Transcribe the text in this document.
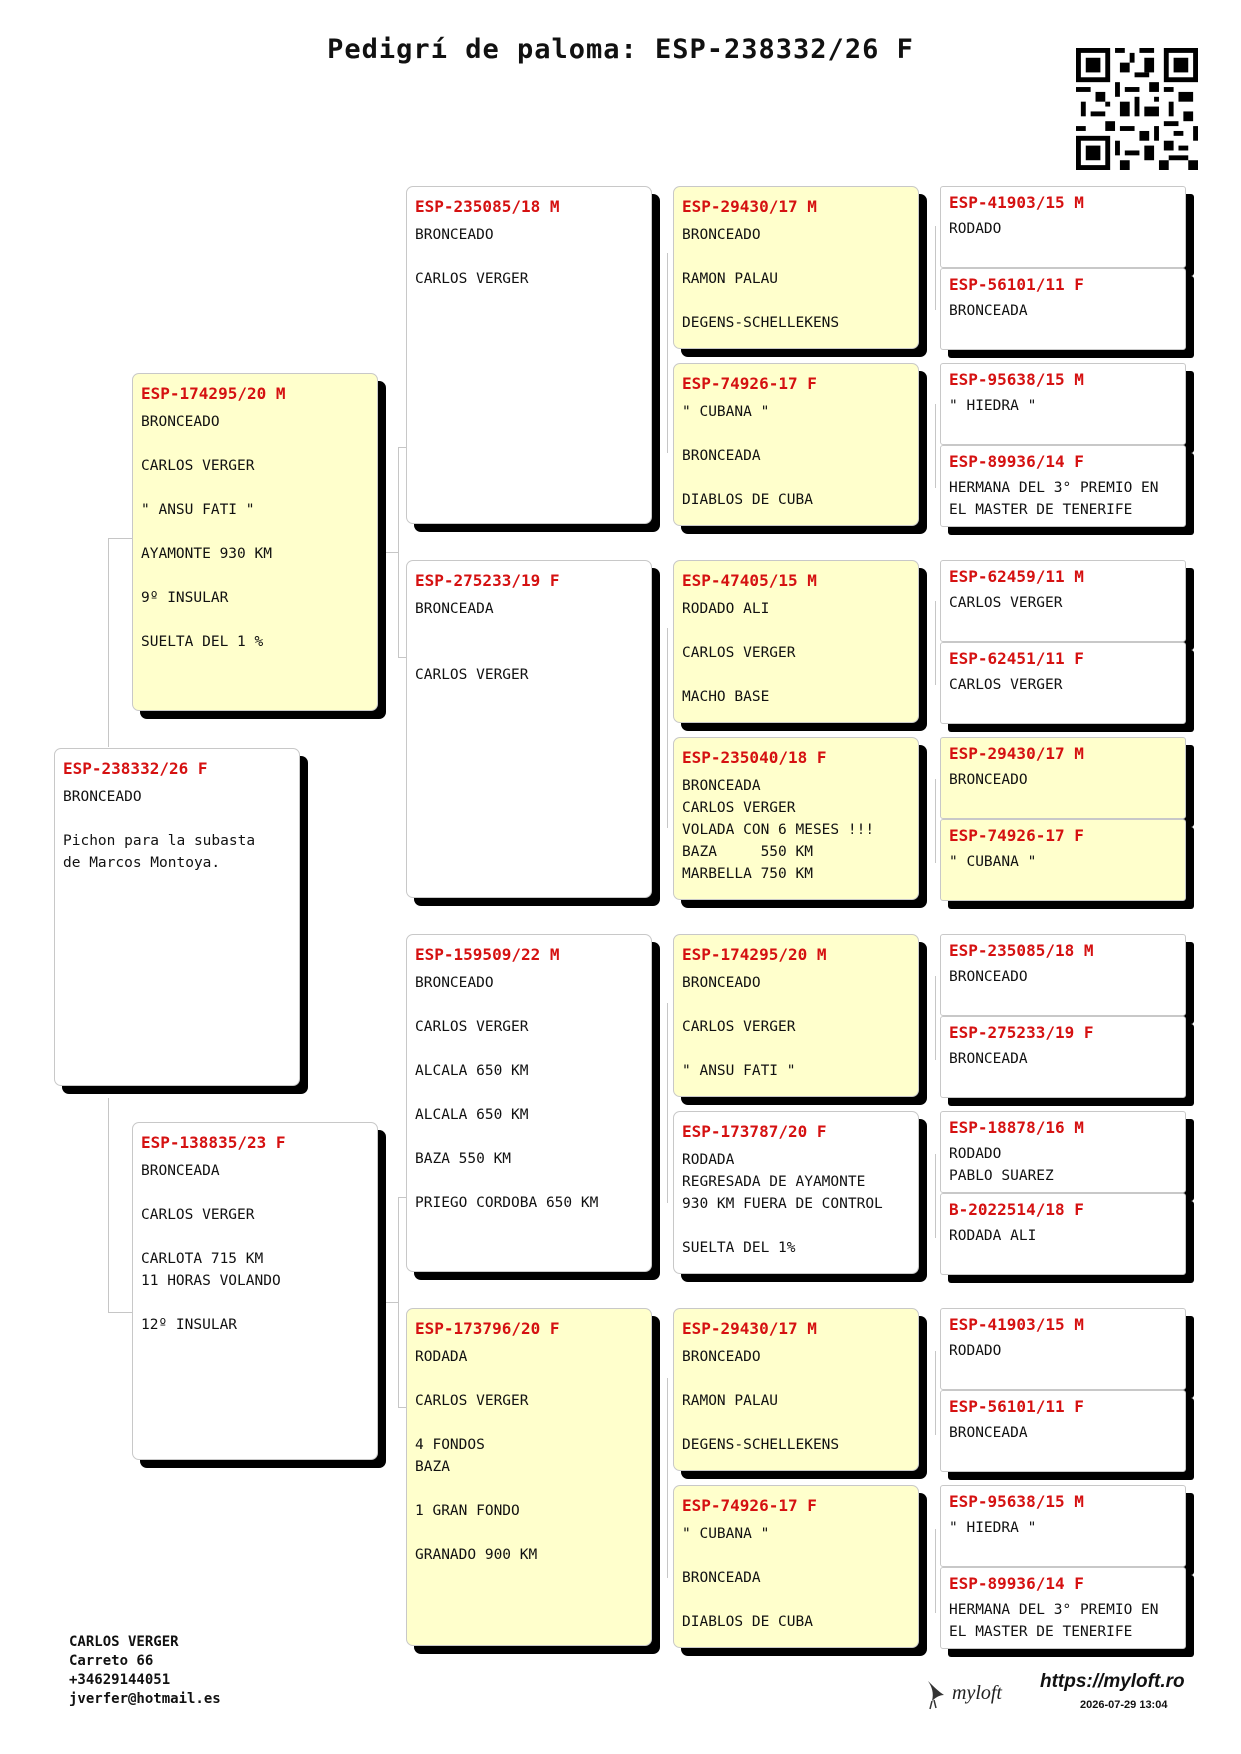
Pedigrí de paloma: ESP-238332/26 F
ESP-238332/26 F
BRONCEADO
Pichon para la subasta
de Marcos Montoya.
ESP-174295/20 M
BRONCEADO
CARLOS VERGER
" ANSU FATI "
AYAMONTE 930 KM
9º INSULAR
SUELTA DEL 1 %
ESP-138835/23 F
BRONCEADA
CARLOS VERGER
CARLOTA 715 KM
11 HORAS VOLANDO
12º INSULAR
ESP-235085/18 M
BRONCEADO
CARLOS VERGER
ESP-275233/19 F
BRONCEADA
CARLOS VERGER
ESP-159509/22 M
BRONCEADO
CARLOS VERGER
ALCALA 650 KM
ALCALA 650 KM
BAZA 550 KM
PRIEGO CORDOBA 650 KM
ESP-173796/20 F
RODADA
CARLOS VERGER
4 FONDOS
BAZA
1 GRAN FONDO
GRANADO 900 KM
ESP-29430/17 M
BRONCEADO
RAMON PALAU
DEGENS-SCHELLEKENS
ESP-74926-17 F
" CUBANA "
BRONCEADA
DIABLOS DE CUBA
ESP-47405/15 M
RODADO ALI
CARLOS VERGER
MACHO BASE
ESP-235040/18 F
BRONCEADA
CARLOS VERGER
VOLADA CON 6 MESES !!!
BAZA     550 KM
MARBELLA 750 KM
ESP-174295/20 M
BRONCEADO
CARLOS VERGER
" ANSU FATI "
ESP-173787/20 F
RODADA
REGRESADA DE AYAMONTE
930 KM FUERA DE CONTROL
SUELTA DEL 1%
ESP-29430/17 M
BRONCEADO
RAMON PALAU
DEGENS-SCHELLEKENS
ESP-74926-17 F
" CUBANA "
BRONCEADA
DIABLOS DE CUBA
ESP-41903/15 M
RODADO
ESP-56101/11 F
BRONCEADA
ESP-95638/15 M
" HIEDRA "
ESP-89936/14 F
HERMANA DEL 3° PREMIO EN
EL MASTER DE TENERIFE
ESP-62459/11 M
CARLOS VERGER
ESP-62451/11 F
CARLOS VERGER
ESP-29430/17 M
BRONCEADO
ESP-74926-17 F
" CUBANA "
ESP-235085/18 M
BRONCEADO
ESP-275233/19 F
BRONCEADA
ESP-18878/16 M
RODADO
PABLO SUAREZ
B-2022514/18 F
RODADA ALI
ESP-41903/15 M
RODADO
ESP-56101/11 F
BRONCEADA
ESP-95638/15 M
" HIEDRA "
ESP-89936/14 F
HERMANA DEL 3° PREMIO EN
EL MASTER DE TENERIFE
CARLOS VERGER
Carreto 66
+34629144051
jverfer@hotmail.es	myloft
https://myloft.ro
2026-07-29 13:04
